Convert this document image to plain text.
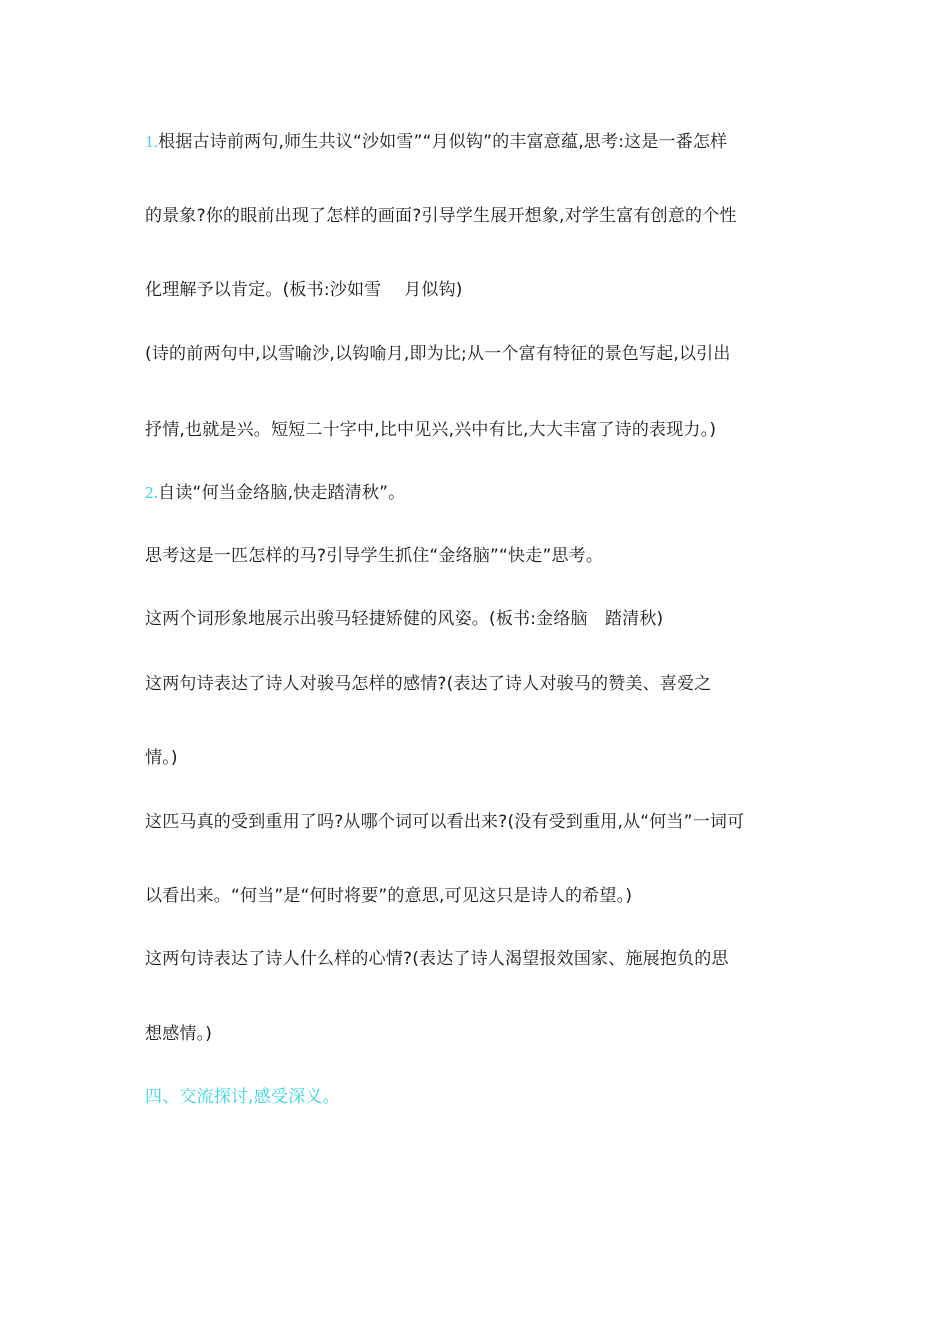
1.根据古诗前两句,师生共议“沙如雪”“月似钩”的丰富意蕴,思考:这是一番怎样
的景象?你的眼前出现了怎样的画面?引导学生展开想象,对学生富有创意的个性
化理解予以肯定。(板书:沙如雪　 月似钩)
(诗的前两句中,以雪喻沙,以钩喻月,即为比;从一个富有特征的景色写起,以引出
抒情,也就是兴。短短二十字中,比中见兴,兴中有比,大大丰富了诗的表现力。)
2.自读“何当金络脑,快走踏清秋”。
思考这是一匹怎样的马?引导学生抓住“金络脑”“快走”思考。
这两个词形象地展示出骏马轻捷矫健的风姿。(板书:金络脑　踏清秋)
这两句诗表达了诗人对骏马怎样的感情?(表达了诗人对骏马的赞美、喜爱之
情。)
这匹马真的受到重用了吗?从哪个词可以看出来?(没有受到重用,从“何当”一词可
以看出来。“何当”是“何时将要”的意思,可见这只是诗人的希望。)
这两句诗表达了诗人什么样的心情?(表达了诗人渴望报效国家、施展抱负的思
想感情。)
四、交流探讨,感受深义。
